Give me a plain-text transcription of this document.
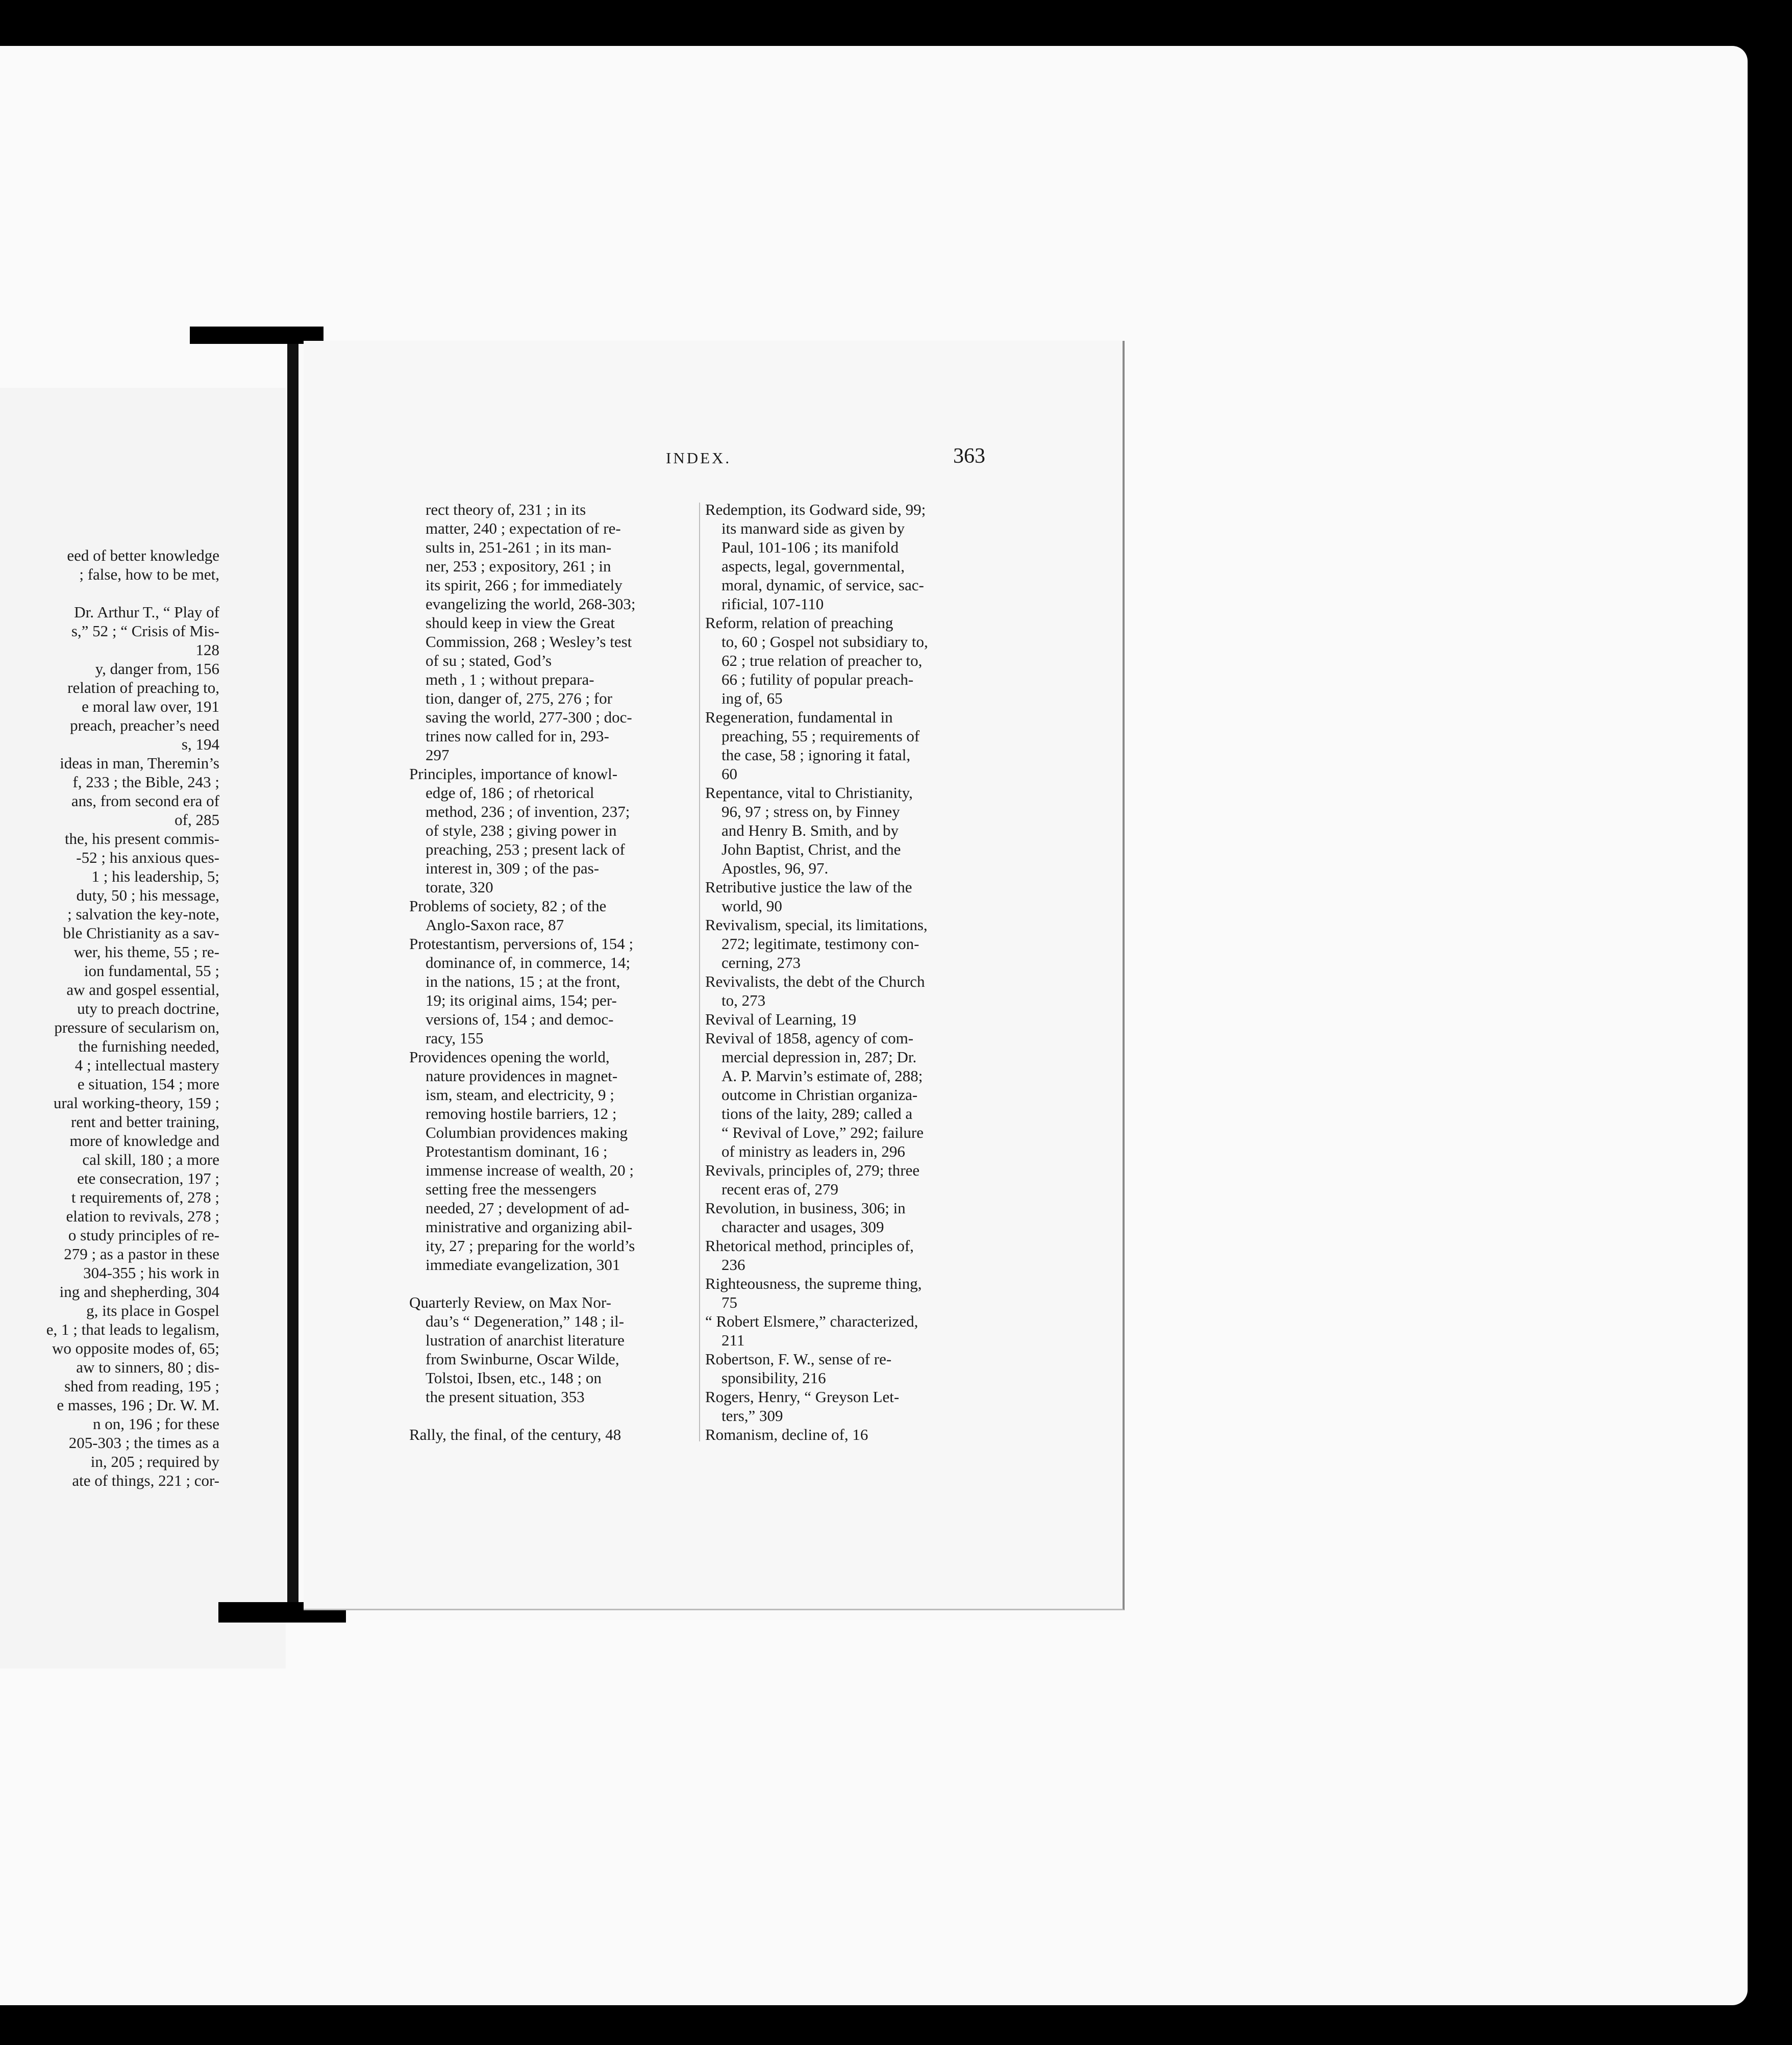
eed of better knowledge
; false, how to be met,

Dr. Arthur T., “ Play of
s,” 52 ; “ Crisis of Mis-
128
y, danger from, 156
relation of preaching to,
e moral law over, 191
preach, preacher’s need
s, 194
ideas in man, Theremin’s
f, 233 ; the Bible, 243 ;
ans, from second era of
of, 285
the, his present commis-
-52 ; his anxious ques-
1 ; his leadership, 5;
duty, 50 ; his message,
; salvation the key-note,
ble Christianity as a sav-
wer, his theme, 55 ; re-
ion fundamental, 55 ;
aw and gospel essential,
uty to preach doctrine,
pressure of secularism on,
the furnishing needed,
4 ; intellectual mastery
e situation, 154 ; more
ural working-theory, 159 ;
rent and better training,
more of knowledge and
cal skill, 180 ; a more
ete consecration, 197 ;
t requirements of, 278 ;
elation to revivals, 278 ;
o study principles of re-
279 ; as a pastor in these
304-355 ; his work in
ing and shepherding, 304
g, its place in Gospel
e, 1 ; that leads to legalism,
wo opposite modes of, 65;
aw to sinners, 80 ; dis-
shed from reading, 195 ;
e masses, 196 ; Dr. W. M.
n on, 196 ; for these
205-303 ; the times as a
in, 205 ; required by
ate of things, 221 ; cor-
INDEX.	363
rect theory of, 231 ; in its
matter, 240 ; expectation of re-
sults in, 251-261 ; in its man-
ner, 253 ; expository, 261 ; in
its spirit, 266 ; for immediately
evangelizing the world, 268-303;
should keep in view the Great
Commission, 268 ; Wesley’s test
of su ; stated, God’s
meth , 1 ; without prepara-
tion, danger of, 275, 276 ; for
saving the world, 277-300 ; doc-
trines now called for in, 293-
297
Principles, importance of knowl-
edge of, 186 ; of rhetorical
method, 236 ; of invention, 237;
of style, 238 ; giving power in
preaching, 253 ; present lack of
interest in, 309 ; of the pas-
torate, 320
Problems of society, 82 ; of the
Anglo-Saxon race, 87
Protestantism, perversions of, 154 ;
dominance of, in commerce, 14;
in the nations, 15 ; at the front,
19; its original aims, 154; per-
versions of, 154 ; and democ-
racy, 155
Providences opening the world,
nature providences in magnet-
ism, steam, and electricity, 9 ;
removing hostile barriers, 12 ;
Columbian providences making
Protestantism dominant, 16 ;
immense increase of wealth, 20 ;
setting free the messengers
needed, 27 ; development of ad-
ministrative and organizing abil-
ity, 27 ; preparing for the world’s
immediate evangelization, 301
Quarterly Review, on Max Nor-
dau’s “ Degeneration,” 148 ; il-
lustration of anarchist literature
from Swinburne, Oscar Wilde,
Tolstoi, Ibsen, etc., 148 ; on
the present situation, 353
Rally, the final, of the century, 48
Redemption, its Godward side, 99;
its manward side as given by
Paul, 101-106 ; its manifold
aspects, legal, governmental,
moral, dynamic, of service, sac-
rificial, 107-110
Reform, relation of preaching
to, 60 ; Gospel not subsidiary to,
62 ; true relation of preacher to,
66 ; futility of popular preach-
ing of, 65
Regeneration, fundamental in
preaching, 55 ; requirements of
the case, 58 ; ignoring it fatal,
60
Repentance, vital to Christianity,
96, 97 ; stress on, by Finney
and Henry B. Smith, and by
John Baptist, Christ, and the
Apostles, 96, 97.
Retributive justice the law of the
world, 90
Revivalism, special, its limitations,
272; legitimate, testimony con-
cerning, 273
Revivalists, the debt of the Church
to, 273
Revival of Learning, 19
Revival of 1858, agency of com-
mercial depression in, 287; Dr.
A. P. Marvin’s estimate of, 288;
outcome in Christian organiza-
tions of the laity, 289; called a
“ Revival of Love,” 292; failure
of ministry as leaders in, 296
Revivals, principles of, 279; three
recent eras of, 279
Revolution, in business, 306; in
character and usages, 309
Rhetorical method, principles of,
236
Righteousness, the supreme thing,
75
“ Robert Elsmere,” characterized,
211
Robertson, F. W., sense of re-
sponsibility, 216
Rogers, Henry, “ Greyson Let-
ters,” 309
Romanism, decline of, 16
